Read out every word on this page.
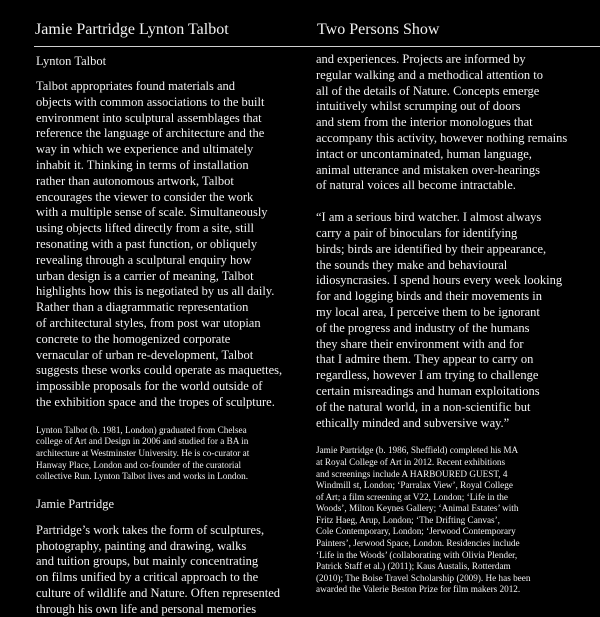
Jamie Partridge Lynton Talbot	Two Persons Show
Lynton Talbot

Talbot appropriates found materials and
objects with common associations to the built
environment into sculptural assemblages that
reference the language of architecture and the
way in which we experience and ultimately
inhabit it. Thinking in terms of installation
rather than autonomous artwork, Talbot
encourages the viewer to consider the work
with a multiple sense of scale. Simultaneously
using objects lifted directly from a site, still
resonating with a past function, or obliquely
revealing through a sculptural enquiry how
urban design is a carrier of meaning, Talbot
highlights how this is negotiated by us all daily.
Rather than a diagrammatic representation
of architectural styles, from post war utopian
concrete to the homogenized corporate
vernacular of urban re-development, Talbot
suggests these works could operate as maquettes,
impossible proposals for the world outside of
the exhibition space and the tropes of sculpture.

Lynton Talbot (b. 1981, London) graduated from Chelsea
college of Art and Design in 2006 and studied for a BA in
architecture at Westminster University. He is co-curator at
Hanway Place, London and co-founder of the curatorial
collective Run. Lynton Talbot lives and works in London.

Jamie Partridge

Partridge’s work takes the form of sculptures,
photography, painting and drawing, walks
and tuition groups, but mainly concentrating
on films unified by a critical approach to the
culture of wildlife and Nature. Often represented
through his own life and personal memories

and experiences. Projects are informed by
regular walking and a methodical attention to
all of the details of Nature. Concepts emerge
intuitively whilst scrumping out of doors
and stem from the interior monologues that
accompany this activity, however nothing remains
intact or uncontaminated, human language,
animal utterance and mistaken over-hearings
of natural voices all become intractable.

“I am a serious bird watcher. I almost always
carry a pair of binoculars for identifying
birds; birds are identified by their appearance,
the sounds they make and behavioural
idiosyncrasies. I spend hours every week looking
for and logging birds and their movements in
my local area, I perceive them to be ignorant
of the progress and industry of the humans
they share their environment with and for
that I admire them. They appear to carry on
regardless, however I am trying to challenge
certain misreadings and human exploitations
of the natural world, in a non-scientific but
ethically minded and subversive way.”

Jamie Partridge (b. 1986, Sheffield) completed his MA
at Royal College of Art in 2012. Recent exhibitions
and screenings include A HARBOURED GUEST, 4
Windmill st, London; ‘Parralax View’, Royal College
of Art; a film screening at V22, London; ‘Life in the
Woods’, Milton Keynes Gallery; ‘Animal Estates’ with
Fritz Haeg, Arup, London; ‘The Drifting Canvas’,
Cole Contemporary, London; ‘Jerwood Contemporary
Painters’, Jerwood Space, London. Residencies include
‘Life in the Woods’ (collaborating with Olivia Plender,
Patrick Staff et al.) (2011); Kaus Austalis, Rotterdam
(2010); The Boise Travel Scholarship (2009). He has been
awarded the Valerie Beston Prize for film makers 2012.
